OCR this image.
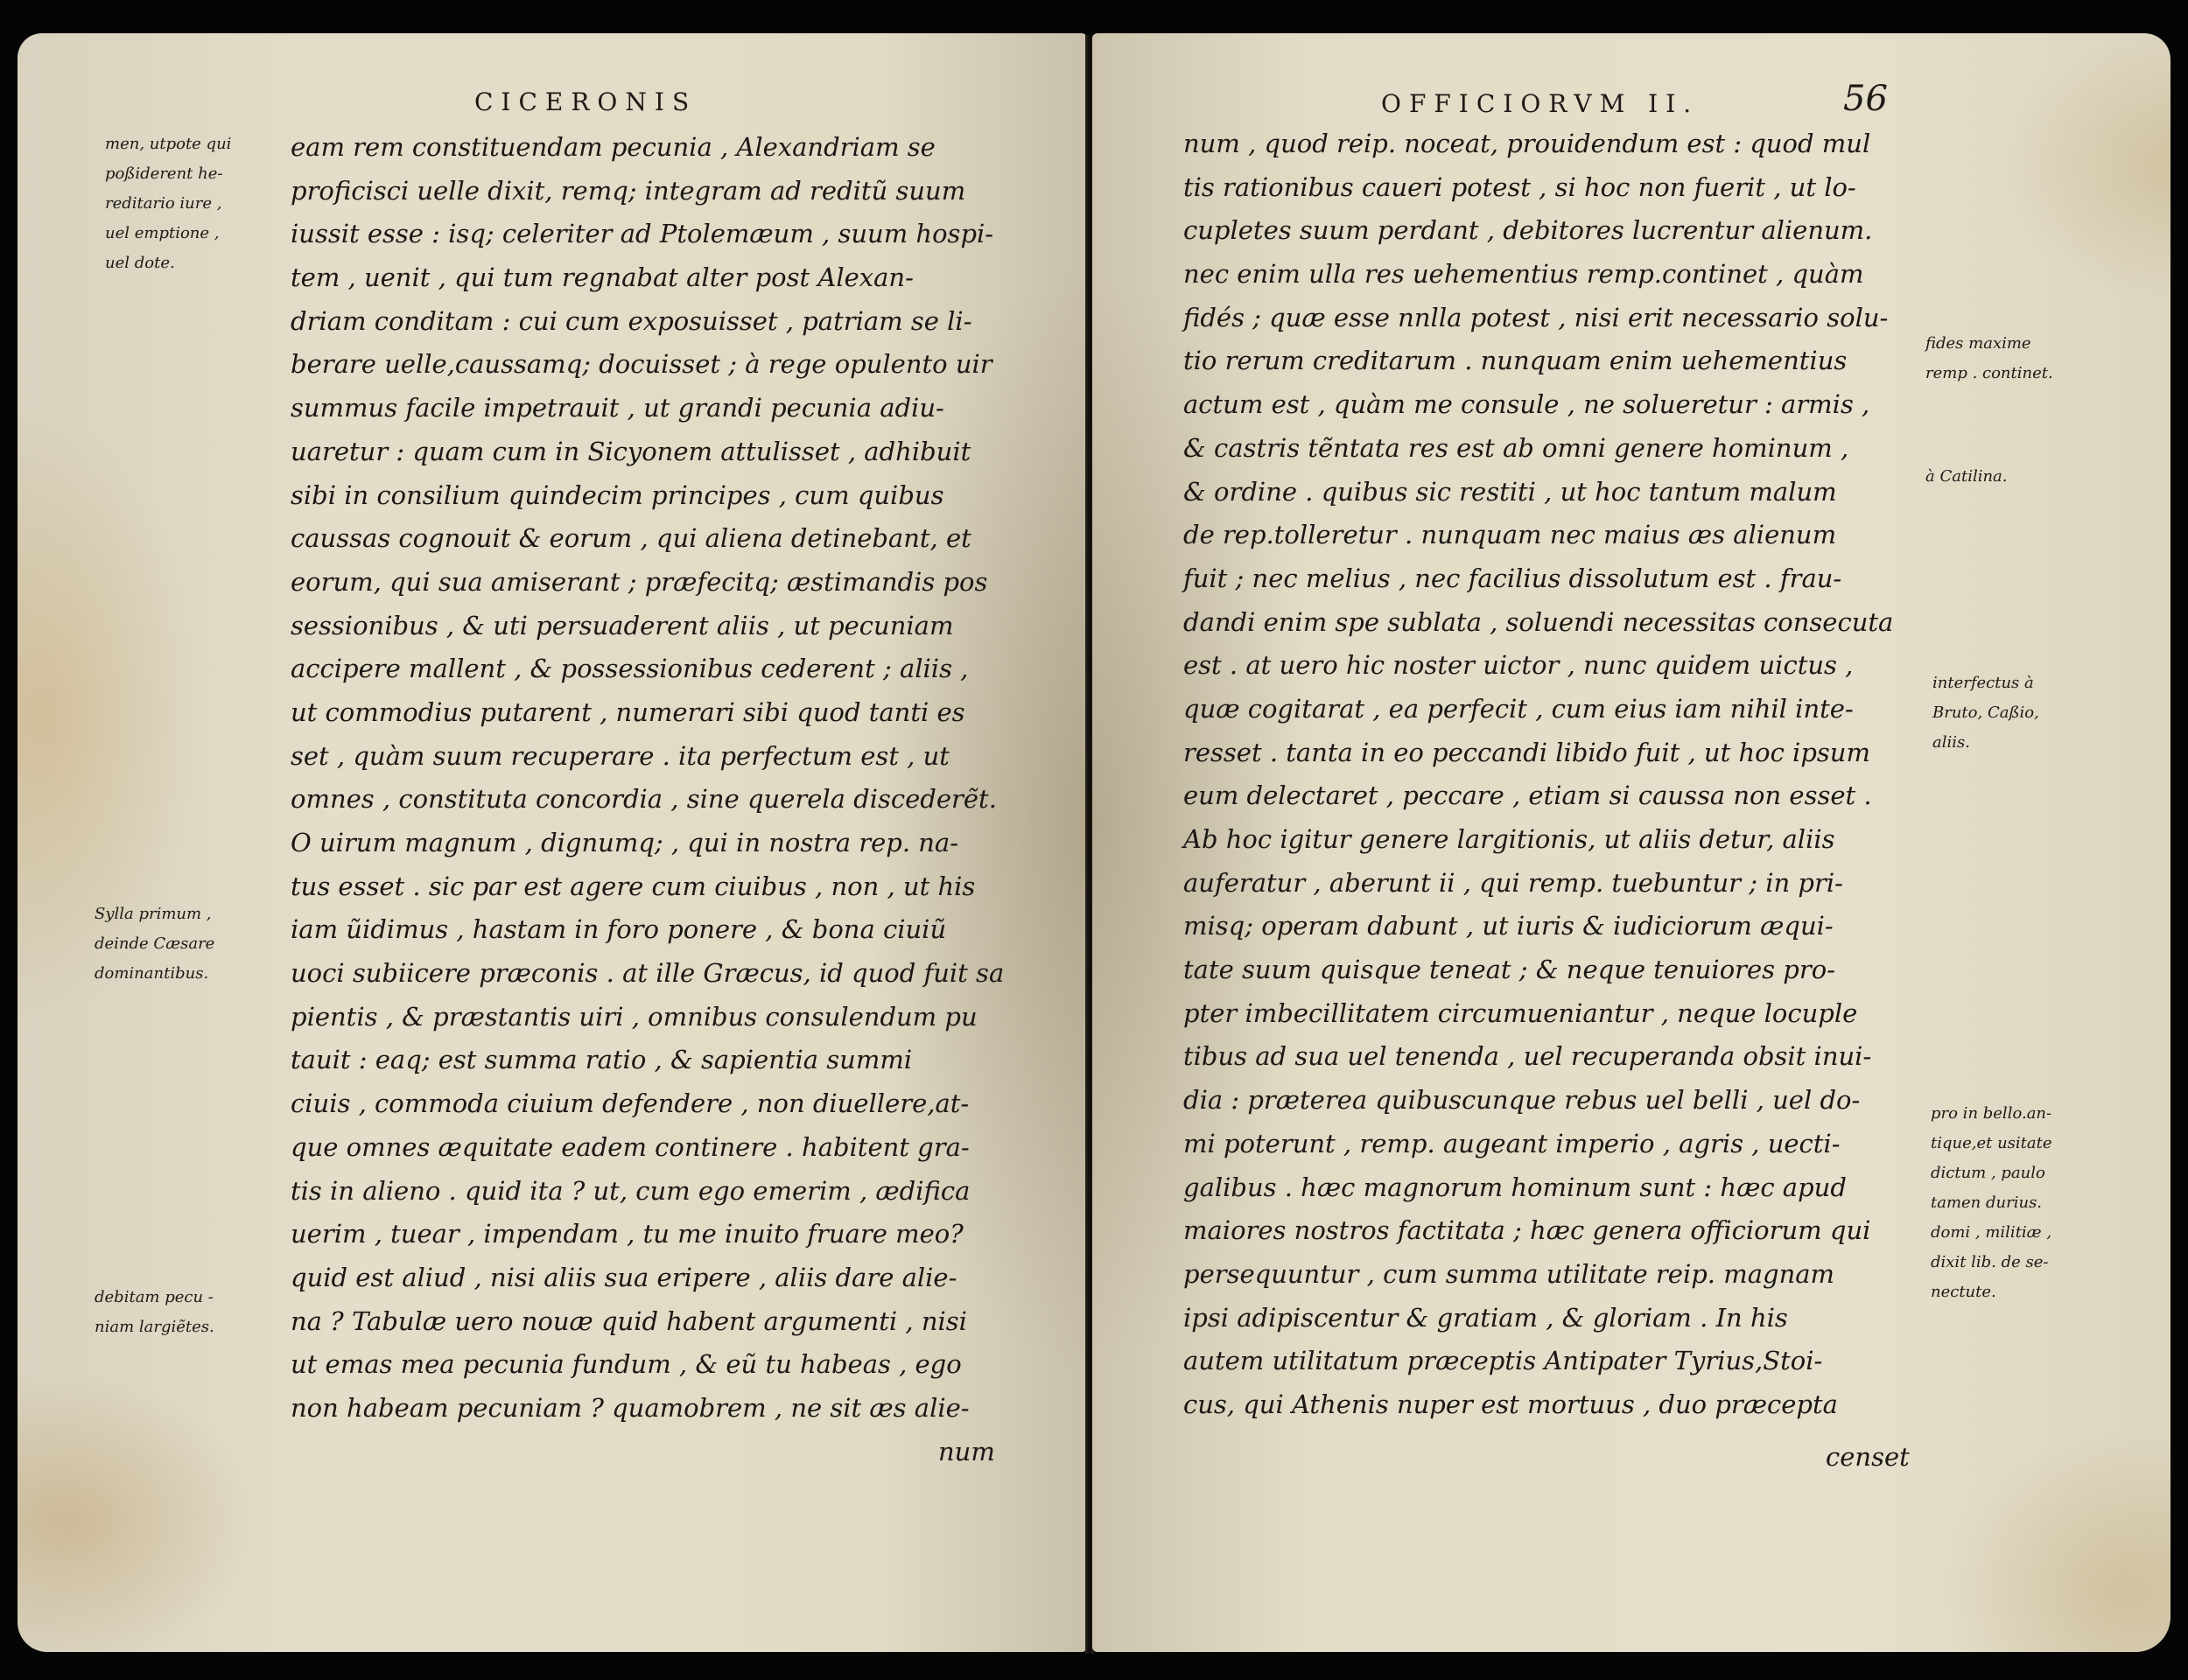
CICERONIS
men, utpote qui
poßiderent he-
reditario iure ,
uel emptione ,
uel dote.
Sylla primum ,
deinde Cæsare
dominantibus.
debitam pecu -
niam largiẽtes.
eam rem constituendam pecunia , Alexandriam se
proficisci uelle dixit, remq; integram ad reditũ suum
iussit esse : isq; celeriter ad Ptolemæum , suum hospi-
tem , uenit , qui tum regnabat alter post Alexan-
driam conditam : cui cum exposuisset , patriam se li-
berare uelle,caussamq; docuisset ; à rege opulento uir
summus facile impetrauit , ut grandi pecunia adiu-
uaretur : quam cum in Sicyonem attulisset , adhibuit
sibi in consilium quindecim principes , cum quibus
caussas cognouit & eorum , qui aliena detinebant, et
eorum, qui sua amiserant ; præfecitq; æstimandis pos
sessionibus , & uti persuaderent aliis , ut pecuniam
accipere mallent , & possessionibus cederent ; aliis ,
ut commodius putarent , numerari sibi quod tanti es
set , quàm suum recuperare . ita perfectum est , ut
omnes , constituta concordia , sine querela discederẽt.
O uirum magnum , dignumq; , qui in nostra rep. na-
tus esset . sic par est agere cum ciuibus , non , ut his
iam ũidimus , hastam in foro ponere , & bona ciuiũ
uoci subiicere præconis . at ille Græcus, id quod fuit sa
pientis , & præstantis uiri , omnibus consulendum pu
tauit : eaq; est summa ratio , & sapientia summi
ciuis , commoda ciuium defendere , non diuellere,at-
que omnes æquitate eadem continere . habitent gra-
tis in alieno . quid ita ? ut, cum ego emerim , ædifica
uerim , tuear , impendam , tu me inuito fruare meo?
quid est aliud , nisi aliis sua eripere , aliis dare alie-
na ? Tabulæ uero nouæ quid habent argumenti , nisi
ut emas mea pecunia fundum , & eũ tu habeas , ego
non habeam pecuniam ? quamobrem , ne sit æs alie-
num
OFFICIORVM II.	56
num , quod reip. noceat, prouidendum est : quod mul
tis rationibus caueri potest , si hoc non fuerit , ut lo-
cupletes suum perdant , debitores lucrentur alienum.
nec enim ulla res uehementius remp.continet , quàm
fidés ; quæ esse nnlla potest , nisi erit necessario solu-
tio rerum creditarum . nunquam enim uehementius
actum est , quàm me consule , ne solueretur : armis ,
& castris tẽntata res est ab omni genere hominum ,
& ordine . quibus sic restiti , ut hoc tantum malum
de rep.tolleretur . nunquam nec maius æs alienum
fuit ; nec melius , nec facilius dissolutum est . frau-
dandi enim spe sublata , soluendi necessitas consecuta
est . at uero hic noster uictor , nunc quidem uictus ,
quæ cogitarat , ea perfecit , cum eius iam nihil inte-
resset . tanta in eo peccandi libido fuit , ut hoc ipsum
eum delectaret , peccare , etiam si caussa non esset .
Ab hoc igitur genere largitionis, ut aliis detur, aliis
auferatur , aberunt ii , qui remp. tuebuntur ; in pri-
misq; operam dabunt , ut iuris & iudiciorum æqui-
tate suum quisque teneat ; & neque tenuiores pro-
pter imbecillitatem circumueniantur , neque locuple
tibus ad sua uel tenenda , uel recuperanda obsit inui-
dia : præterea quibuscunque rebus uel belli , uel do-
mi poterunt , remp. augeant imperio , agris , uecti-
galibus . hæc magnorum hominum sunt : hæc apud
maiores nostros factitata ; hæc genera officiorum qui
persequuntur , cum summa utilitate reip. magnam
ipsi adipiscentur & gratiam , & gloriam . In his
autem utilitatum præceptis Antipater Tyrius,Stoi-
cus, qui Athenis nuper est mortuus , duo præcepta
censet
fides maxime
remp . continet.
à Catilina.
interfectus à
Bruto, Caßio,
aliis.
pro in bello.an-
tique,et usitate
dictum , paulo
tamen durius.
domi , militiæ ,
dixit lib. de se-
nectute.
